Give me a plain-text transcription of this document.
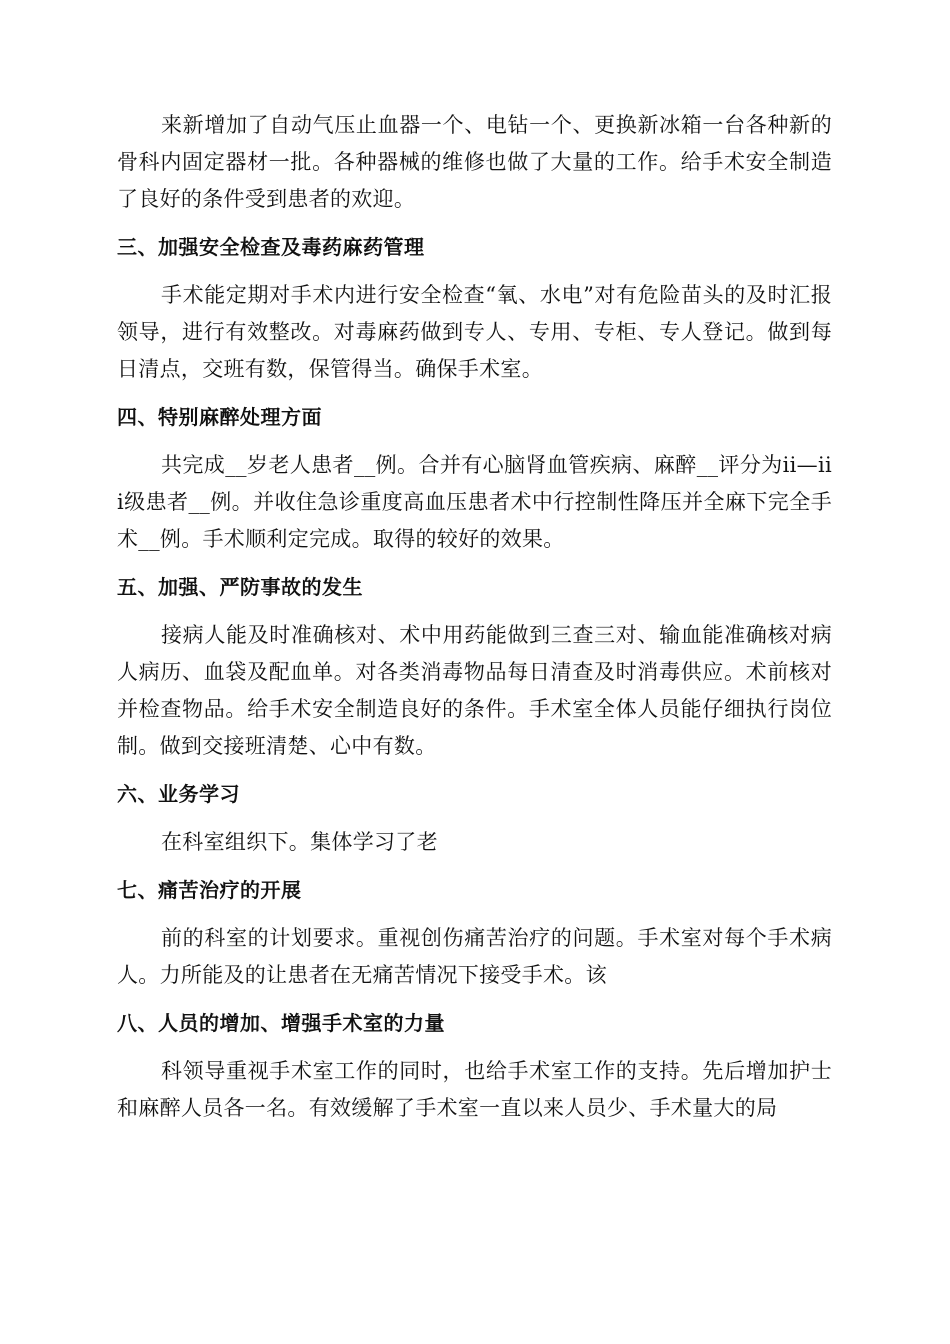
来新增加了自动气压止血器一个、电钻一个、更换新冰箱一台各种新的骨科内固定器材一批。各种器械的维修也做了大量的工作。给手术安全制造了良好的条件受到患者的欢迎。

三、加强安全检查及毒药麻药管理

手术能定期对手术内进行安全检查“氧、水电”对有危险苗头的及时汇报领导，进行有效整改。对毒麻药做到专人、专用、专柜、专人登记。做到每日清点，交班有数，保管得当。确保手术室。

四、特别麻醉处理方面

共完成__岁老人患者__例。合并有心脑肾血管疾病、麻醉__评分为ii—iii级患者__例。并收住急诊重度高血压患者术中行控制性降压并全麻下完全手术__例。手术顺利定完成。取得的较好的效果。

五、加强、严防事故的发生

接病人能及时准确核对、术中用药能做到三查三对、输血能准确核对病人病历、血袋及配血单。对各类消毒物品每日清查及时消毒供应。术前核对并检查物品。给手术安全制造良好的条件。手术室全体人员能仔细执行岗位制。做到交接班清楚、心中有数。

六、业务学习

在科室组织下。集体学习了老

七、痛苦治疗的开展

前的科室的计划要求。重视创伤痛苦治疗的问题。手术室对每个手术病人。力所能及的让患者在无痛苦情况下接受手术。该

八、人员的增加、增强手术室的力量

科领导重视手术室工作的同时，也给手术室工作的支持。先后增加护士和麻醉人员各一名。有效缓解了手术室一直以来人员少、手术量大的局
